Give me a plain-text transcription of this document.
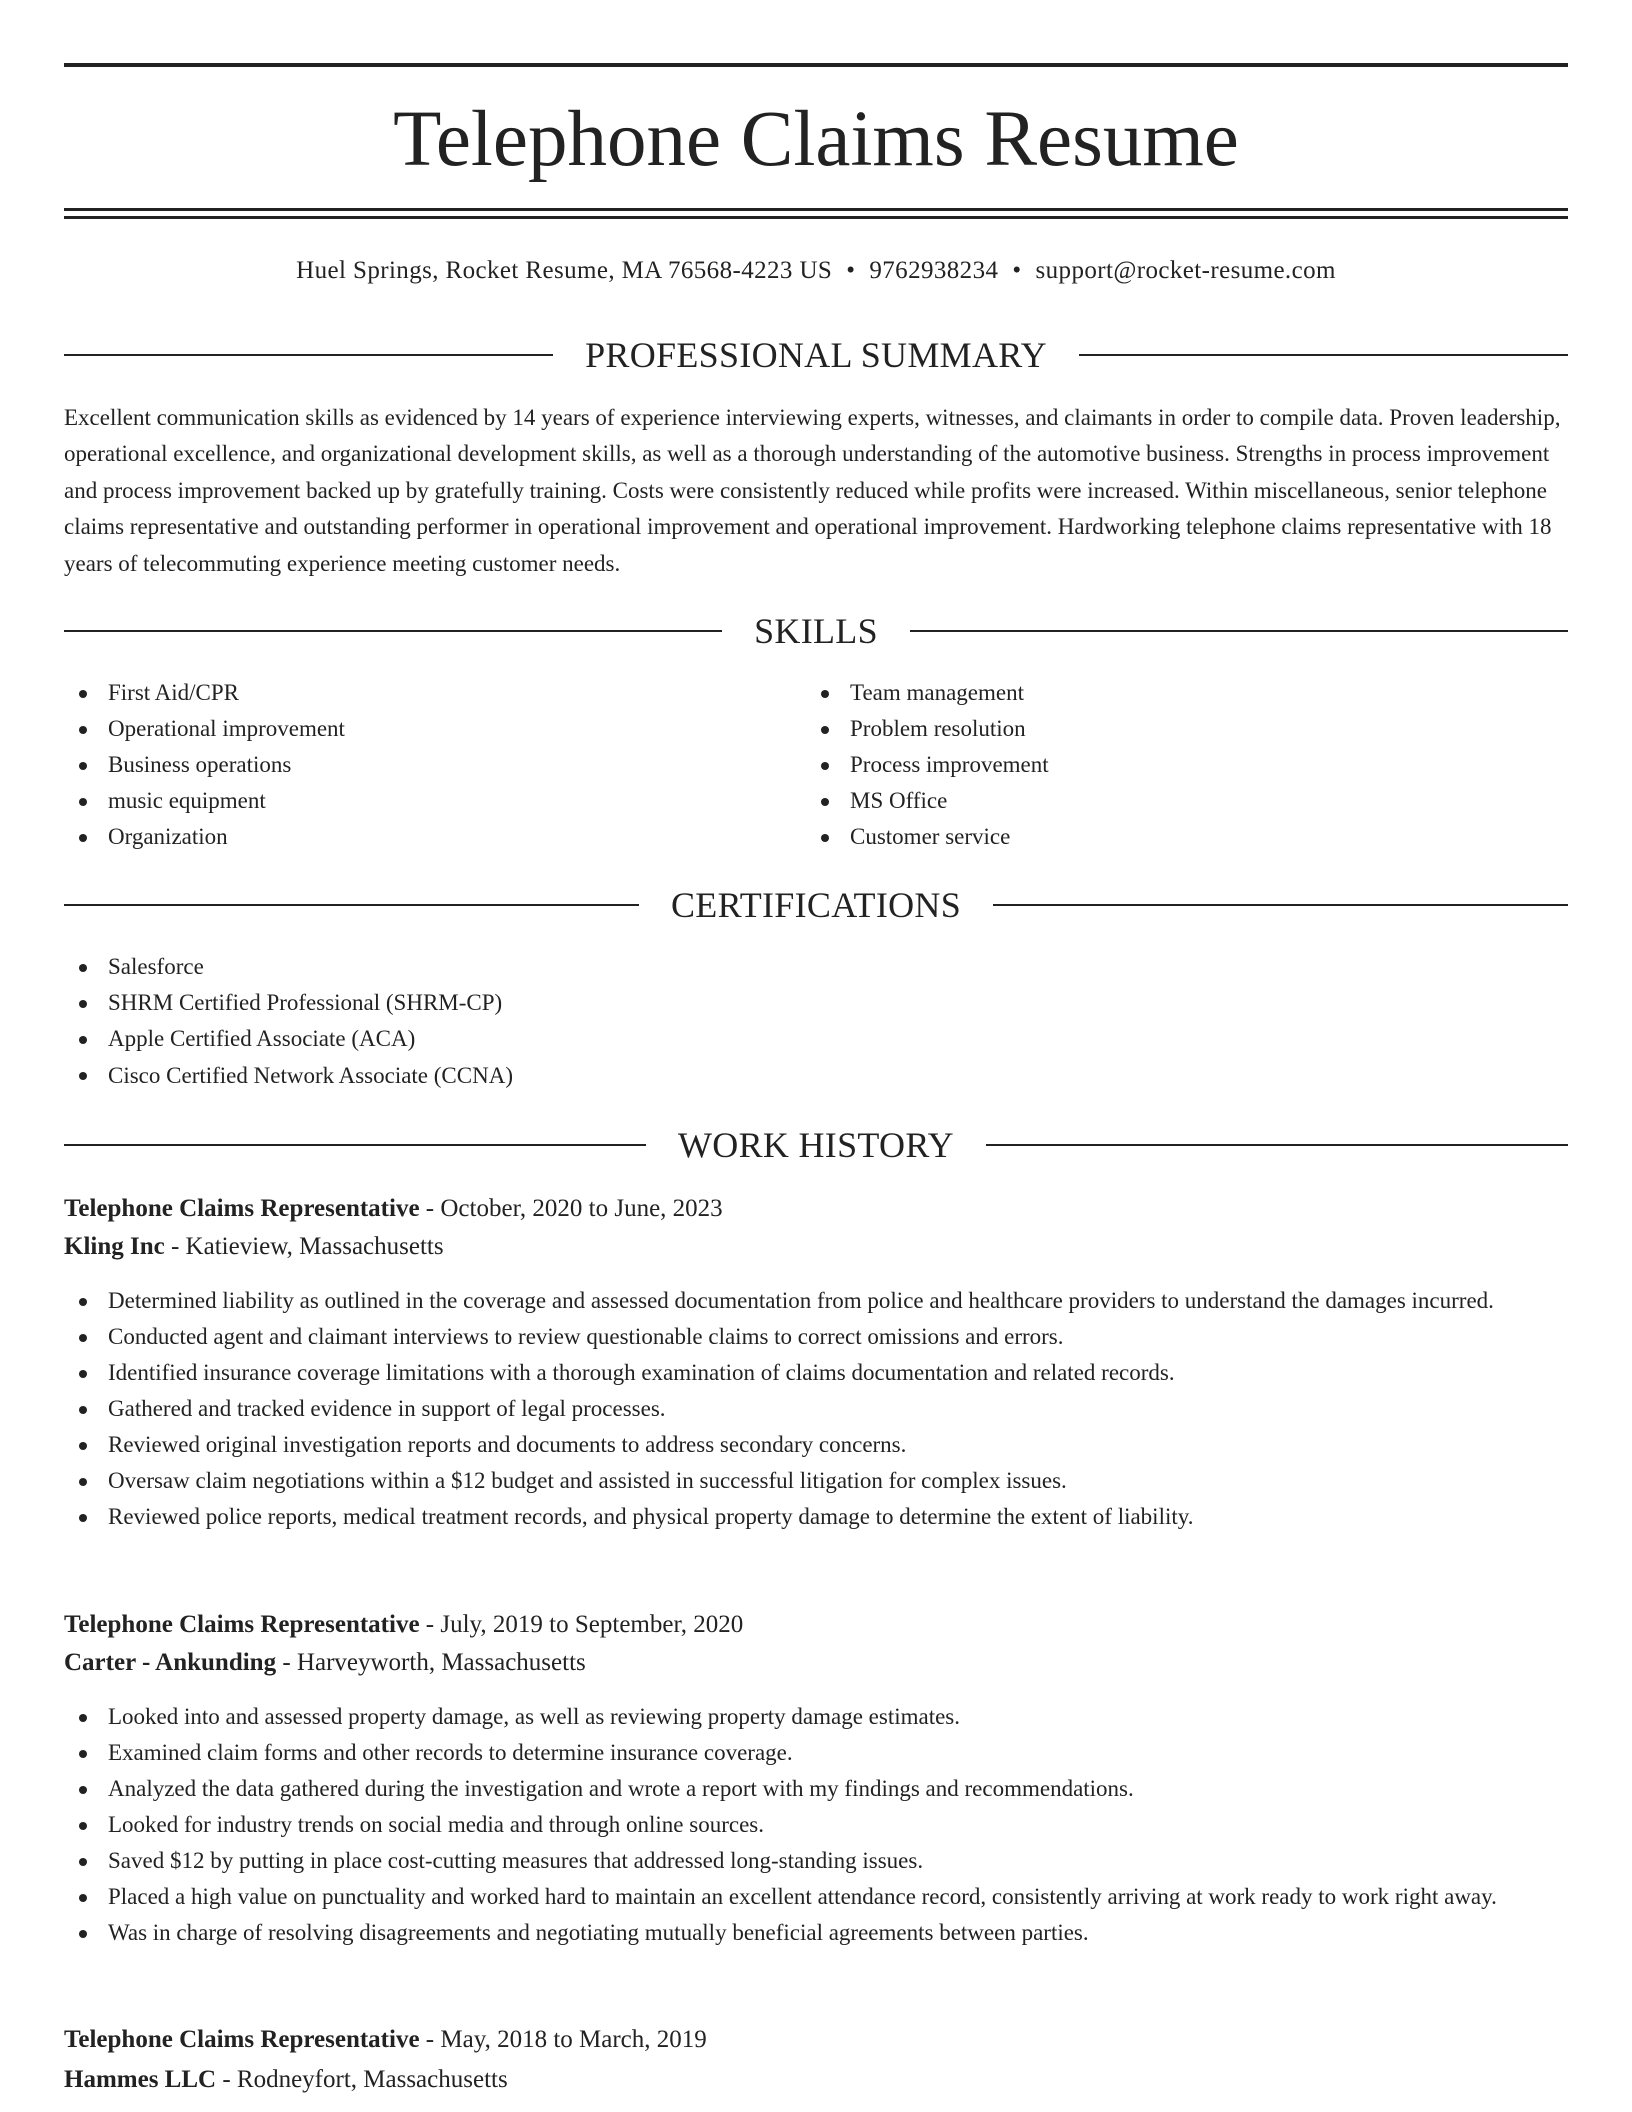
Telephone Claims Resume
Huel Springs, Rocket Resume, MA 76568-4223 US • 9762938234 • support@rocket-resume.com
PROFESSIONAL SUMMARY

Excellent communication skills as evidenced by 14 years of experience interviewing experts, witnesses, and claimants in order to compile data. Proven leadership, operational excellence, and organizational development skills, as well as a thorough understanding of the automotive business. Strengths in process improvement and process improvement backed up by gratefully training. Costs were consistently reduced while profits were increased. Within miscellaneous, senior telephone claims representative and outstanding performer in operational improvement and operational improvement. Hardworking telephone claims representative with 18 years of telecommuting experience meeting customer needs.

SKILLS
First Aid/CPR
Operational improvement
Business operations
music equipment
Organization
Team management
Problem resolution
Process improvement
MS Office
Customer service
CERTIFICATIONS
Salesforce
SHRM Certified Professional (SHRM-CP)
Apple Certified Associate (ACA)
Cisco Certified Network Associate (CCNA)
WORK HISTORY
Telephone Claims Representative - October, 2020 to June, 2023
Kling Inc - Katieview, Massachusetts
Determined liability as outlined in the coverage and assessed documentation from police and healthcare providers to understand the damages incurred.
Conducted agent and claimant interviews to review questionable claims to correct omissions and errors.
Identified insurance coverage limitations with a thorough examination of claims documentation and related records.
Gathered and tracked evidence in support of legal processes.
Reviewed original investigation reports and documents to address secondary concerns.
Oversaw claim negotiations within a $12 budget and assisted in successful litigation for complex issues.
Reviewed police reports, medical treatment records, and physical property damage to determine the extent of liability.
Telephone Claims Representative - July, 2019 to September, 2020
Carter - Ankunding - Harveyworth, Massachusetts
Looked into and assessed property damage, as well as reviewing property damage estimates.
Examined claim forms and other records to determine insurance coverage.
Analyzed the data gathered during the investigation and wrote a report with my findings and recommendations.
Looked for industry trends on social media and through online sources.
Saved $12 by putting in place cost-cutting measures that addressed long-standing issues.
Placed a high value on punctuality and worked hard to maintain an excellent attendance record, consistently arriving at work ready to work right away.
Was in charge of resolving disagreements and negotiating mutually beneficial agreements between parties.
Telephone Claims Representative - May, 2018 to March, 2019
Hammes LLC - Rodneyfort, Massachusetts
